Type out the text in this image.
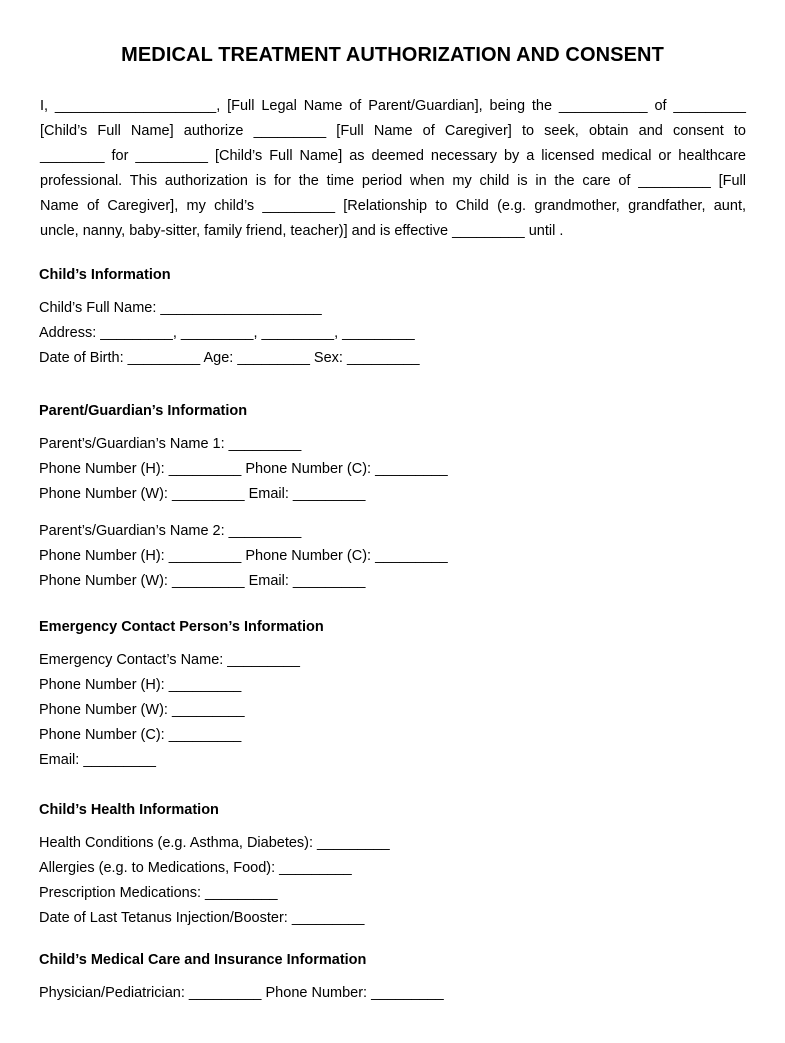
MEDICAL TREATMENT AUTHORIZATION AND CONSENT
I, ____________________, [Full Legal Name of Parent/Guardian], being the ___________ of _________
[Child’s Full Name] authorize _________ [Full Name of Caregiver] to seek, obtain and consent to
________ for _________ [Child’s Full Name] as deemed necessary by a licensed medical or healthcare
professional. This authorization is for the time period when my child is in the care of _________ [Full
Name of Caregiver], my child’s _________ [Relationship to Child (e.g. grandmother, grandfather, aunt,
uncle, nanny, baby-sitter, family friend, teacher)] and is effective _________ until .
Child’s Information
Child’s Full Name: ____________________
Address: _________, _________, _________, _________
Date of Birth: _________ Age: _________ Sex: _________
Parent/Guardian’s Information
Parent’s/Guardian’s Name 1: _________
Phone Number (H): _________ Phone Number (C): _________
Phone Number (W): _________ Email: _________
Parent’s/Guardian’s Name 2: _________
Phone Number (H): _________ Phone Number (C): _________
Phone Number (W): _________ Email: _________
Emergency Contact Person’s Information
Emergency Contact’s Name: _________
Phone Number (H): _________
Phone Number (W): _________
Phone Number (C): _________
Email: _________
Child’s Health Information
Health Conditions (e.g. Asthma, Diabetes): _________
Allergies (e.g. to Medications, Food): _________
Prescription Medications: _________
Date of Last Tetanus Injection/Booster: _________
Child’s Medical Care and Insurance Information
Physician/Pediatrician: _________ Phone Number: _________
